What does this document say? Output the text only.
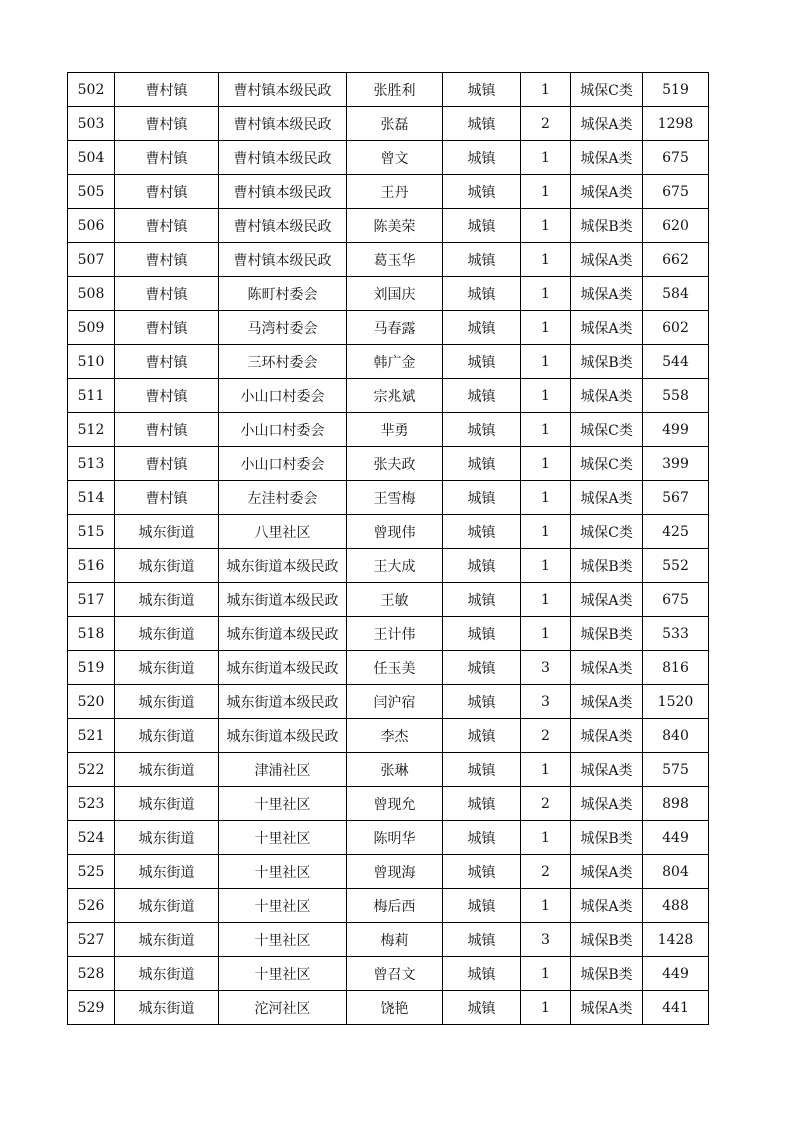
502	曹村镇	曹村镇本级民政	张胜利	城镇	1	城保C类	519
503	曹村镇	曹村镇本级民政	张磊	城镇	2	城保A类	1298
504	曹村镇	曹村镇本级民政	曾文	城镇	1	城保A类	675
505	曹村镇	曹村镇本级民政	王丹	城镇	1	城保A类	675
506	曹村镇	曹村镇本级民政	陈美荣	城镇	1	城保B类	620
507	曹村镇	曹村镇本级民政	葛玉华	城镇	1	城保A类	662
508	曹村镇	陈町村委会	刘国庆	城镇	1	城保A类	584
509	曹村镇	马湾村委会	马春露	城镇	1	城保A类	602
510	曹村镇	三环村委会	韩广金	城镇	1	城保B类	544
511	曹村镇	小山口村委会	宗兆斌	城镇	1	城保A类	558
512	曹村镇	小山口村委会	芈勇	城镇	1	城保C类	499
513	曹村镇	小山口村委会	张夫政	城镇	1	城保C类	399
514	曹村镇	左洼村委会	王雪梅	城镇	1	城保A类	567
515	城东街道	八里社区	曾现伟	城镇	1	城保C类	425
516	城东街道	城东街道本级民政	王大成	城镇	1	城保B类	552
517	城东街道	城东街道本级民政	王敏	城镇	1	城保A类	675
518	城东街道	城东街道本级民政	王计伟	城镇	1	城保B类	533
519	城东街道	城东街道本级民政	任玉美	城镇	3	城保A类	816
520	城东街道	城东街道本级民政	闫沪宿	城镇	3	城保A类	1520
521	城东街道	城东街道本级民政	李杰	城镇	2	城保A类	840
522	城东街道	津浦社区	张琳	城镇	1	城保A类	575
523	城东街道	十里社区	曾现允	城镇	2	城保A类	898
524	城东街道	十里社区	陈明华	城镇	1	城保B类	449
525	城东街道	十里社区	曾现海	城镇	2	城保A类	804
526	城东街道	十里社区	梅后西	城镇	1	城保A类	488
527	城东街道	十里社区	梅莉	城镇	3	城保B类	1428
528	城东街道	十里社区	曾召文	城镇	1	城保B类	449
529	城东街道	沱河社区	饶艳	城镇	1	城保A类	441
